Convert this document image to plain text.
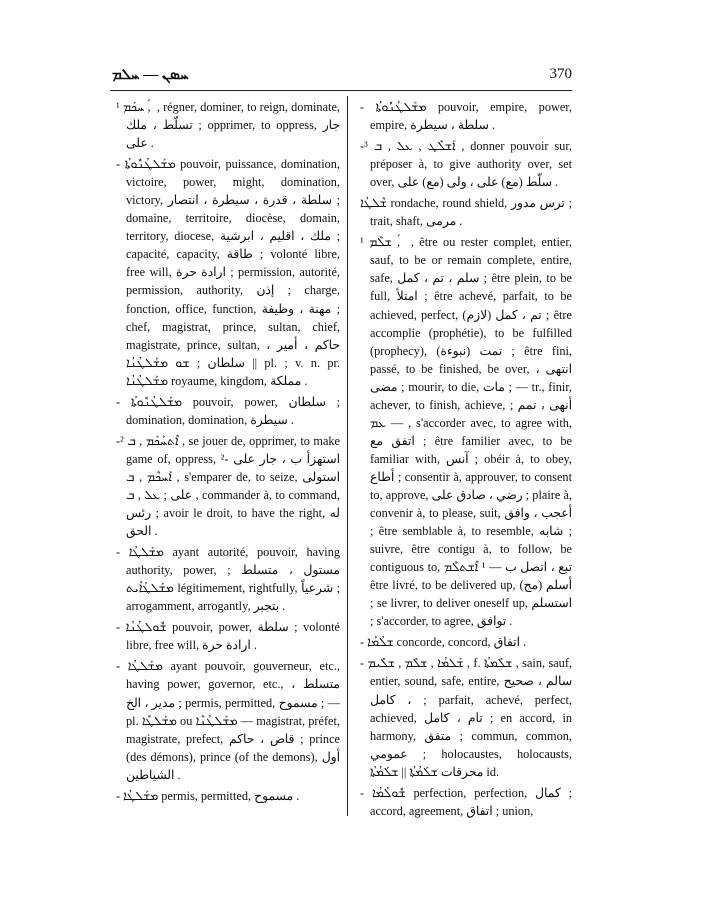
ܚܣܢ — ܚܠܡ	370
¹ ܚܟܰܡ , ́ , régner, dominer, to reign, dominate, تسلّط ، ملك ; opprimer, to oppress, جار على .
- ܡܫܰܠܛܳܢܽܘܬܳܐ pouvoir, puissance, domination, victoire, power, might, domination, victory, سلطة ، قدرة ، سيطرة ، انتصار ; domaine, territoire, diocèse, domain, territory, diocese, ملك ، اقليم ، ابرشية ; capacité, capacity, طاقة ; volonté libre, free will, ارادة حرة ; permission, autorité, permission, authority, إذن ; charge, fonction, office, function, مهنة ، وظيفة ; chef, magistrat, prince, sultan, chief, magistrate, prince, sultan, حاكم ، أمير ، سلطان ; ܫܘ ܡܫܰܠܛܳܢܳܐ || pl. ; v. n. pr. ܡܫܰܠܛܳܢܳܐ royaume, kingdom, مملكة .
- ܡܫܰܠܛܳܢܽܘܬܳܐ pouvoir, power, سلطان ; domination, domination, سيطرة .
-² ܐܶܬܚܰܟܰܡ , ܒ , se jouer de, opprimer, to make game of, oppress, استهزأ ب ، جار على -² ܐܰܚܟܶܡ , ܒ , s'emparer de, to seize, استولى على ; ܥܠ , ܒ , commander à, to command, رئس ; avoir le droit, to have the right, له الحق .
- ܡܫܰܠܛܳܐ ayant autorité, pouvoir, having authority, power, مستول ، متسلط ; ܡܫܰܠܛܳܐܺܝܬ légitimement, rightfully, شرعياً ; arrogamment, arrogantly, بتجبر .
- ܫܽܘܠܛܳܢܳܐ pouvoir, power, سلطة ; volonté libre, free will, ارادة حرة .
- ܡܫܰܠܛܳܐ ayant pouvoir, gouverneur, etc., having power, governor, etc., متسلط ، مدير ، الخ ; permis, permitted, مسموح ; — pl. ܡܫܰܠܛܶܐ ou ܡܫܰܠܛܳܢܶܐ — magistrat, préfet, magistrate, prefect, قاض ، حاكم ; prince (des démons), prince (of the demons), أول الشياطين .
- ܡܫܰܠܛܳܐ permis, permitted, مسموح .
- ܡܫܰܠܛܳܢܽܘܬܳܐ pouvoir, empire, power, empire, سلطة ، سيطرة .
-³ ܐܰܫܠܶܛ , ܥܠ , ܒ , donner pouvoir sur, préposer à, to give authority over, set over, سلّط (مع) على ، ولى (مع) على .
ܫܶܠܛܳܐ rondache, round shield, ترس مدور ; trait, shaft, مرمى .
¹ ܫܠܶܡ , ́ , être ou rester complet, entier, sauf, to be or remain complete, entire, safe, سلم ، تم ، كمل ; être plein, to be full, امتلأ ; être achevé, parfait, to be achieved, perfect, تم ، كمل (لازم) ; être accomplie (prophétie), to be fulfilled (prophecy), تمت (نبوءة) ; être fini, passé, to be finished, be over, انتهى ، مضى ; mourir, to die, مات ; — tr., finir, achever, to finish, achieve, أنهى ، تمم ; — ܥܡ , s'accorder avec, to agree with, اتفق مع ; être familier avec, to be familiar with, آنس ; obéir à, to obey, أطاع ; consentir à, approuver, to consent to, approve, رضي ، صادق على ; plaire à, convenir à, to please, suit, أعجب ، وافق ; être semblable à, to resemble, شابه ; suivre, être contigu à, to follow, be contiguous to, تبع ، اتصل ب — ¹ ܐܶܫܬܠܶܡ être livré, to be delivered up, أسلم (مج) ; se livrer, to deliver oneself up, استسلم ; s'accorder, to agree, توافق .
- ܫܠܳܡܳܐ concorde, concord, اتفاق .
- ܫܰܠܡܳܐ , ܫܠܺܡ , ܫܠܺܝܡ , f. ܫܠܺܡܬܳܐ , sain, sauf, entier, sound, safe, entire, سالم ، صحيح ، كامل ; parfait, achevé, perfect, achieved, تام ، كامل ; en accord, in harmony, متفق ; commun, common, عمومي ; holocaustes, holocausts, محرقات ܫܠܰܡܳܬܳܐ || ܫܠܰܡܳܬܳܐ id.
- ܫܽܘܠܳܡܳܐ perfection, perfection, كمال ; accord, agreement, اتفاق ; union,
